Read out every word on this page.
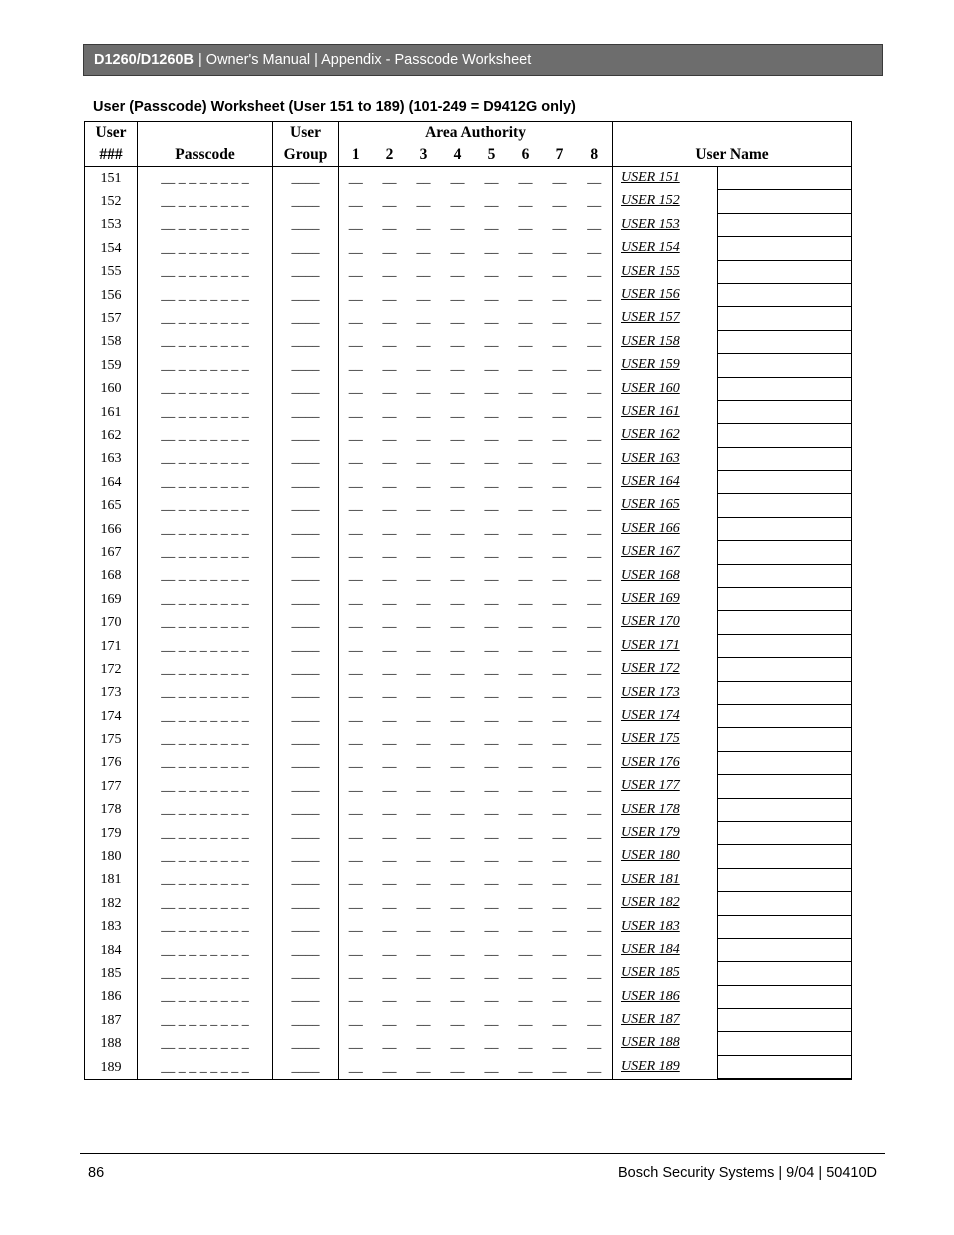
D1260/D1260B | Owner's Manual | Appendix - Passcode Worksheet
User (Passcode) Worksheet (User 151 to 189) (101-249 = D9412G only)
User		User	Area Authority								
###	Passcode	Group	1	2	3	4	5	6	7	8	User Name
151	__ _ _ _ _ _ _ _	____	__	__	__	__	__	__	__	__	USER 151

152	__ _ _ _ _ _ _ _	____	__	__	__	__	__	__	__	__	USER 152

153	__ _ _ _ _ _ _ _	____	__	__	__	__	__	__	__	__	USER 153

154	__ _ _ _ _ _ _ _	____	__	__	__	__	__	__	__	__	USER 154

155	__ _ _ _ _ _ _ _	____	__	__	__	__	__	__	__	__	USER 155

156	__ _ _ _ _ _ _ _	____	__	__	__	__	__	__	__	__	USER 156

157	__ _ _ _ _ _ _ _	____	__	__	__	__	__	__	__	__	USER 157

158	__ _ _ _ _ _ _ _	____	__	__	__	__	__	__	__	__	USER 158

159	__ _ _ _ _ _ _ _	____	__	__	__	__	__	__	__	__	USER 159

160	__ _ _ _ _ _ _ _	____	__	__	__	__	__	__	__	__	USER 160

161	__ _ _ _ _ _ _ _	____	__	__	__	__	__	__	__	__	USER 161

162	__ _ _ _ _ _ _ _	____	__	__	__	__	__	__	__	__	USER 162

163	__ _ _ _ _ _ _ _	____	__	__	__	__	__	__	__	__	USER 163

164	__ _ _ _ _ _ _ _	____	__	__	__	__	__	__	__	__	USER 164

165	__ _ _ _ _ _ _ _	____	__	__	__	__	__	__	__	__	USER 165

166	__ _ _ _ _ _ _ _	____	__	__	__	__	__	__	__	__	USER 166

167	__ _ _ _ _ _ _ _	____	__	__	__	__	__	__	__	__	USER 167

168	__ _ _ _ _ _ _ _	____	__	__	__	__	__	__	__	__	USER 168

169	__ _ _ _ _ _ _ _	____	__	__	__	__	__	__	__	__	USER 169

170	__ _ _ _ _ _ _ _	____	__	__	__	__	__	__	__	__	USER 170

171	__ _ _ _ _ _ _ _	____	__	__	__	__	__	__	__	__	USER 171

172	__ _ _ _ _ _ _ _	____	__	__	__	__	__	__	__	__	USER 172

173	__ _ _ _ _ _ _ _	____	__	__	__	__	__	__	__	__	USER 173

174	__ _ _ _ _ _ _ _	____	__	__	__	__	__	__	__	__	USER 174

175	__ _ _ _ _ _ _ _	____	__	__	__	__	__	__	__	__	USER 175

176	__ _ _ _ _ _ _ _	____	__	__	__	__	__	__	__	__	USER 176

177	__ _ _ _ _ _ _ _	____	__	__	__	__	__	__	__	__	USER 177

178	__ _ _ _ _ _ _ _	____	__	__	__	__	__	__	__	__	USER 178

179	__ _ _ _ _ _ _ _	____	__	__	__	__	__	__	__	__	USER 179

180	__ _ _ _ _ _ _ _	____	__	__	__	__	__	__	__	__	USER 180

181	__ _ _ _ _ _ _ _	____	__	__	__	__	__	__	__	__	USER 181

182	__ _ _ _ _ _ _ _	____	__	__	__	__	__	__	__	__	USER 182

183	__ _ _ _ _ _ _ _	____	__	__	__	__	__	__	__	__	USER 183

184	__ _ _ _ _ _ _ _	____	__	__	__	__	__	__	__	__	USER 184

185	__ _ _ _ _ _ _ _	____	__	__	__	__	__	__	__	__	USER 185

186	__ _ _ _ _ _ _ _	____	__	__	__	__	__	__	__	__	USER 186

187	__ _ _ _ _ _ _ _	____	__	__	__	__	__	__	__	__	USER 187

188	__ _ _ _ _ _ _ _	____	__	__	__	__	__	__	__	__	USER 188

189	__ _ _ _ _ _ _ _	____	__	__	__	__	__	__	__	__	USER 189
86	Bosch Security Systems | 9/04 | 50410D
